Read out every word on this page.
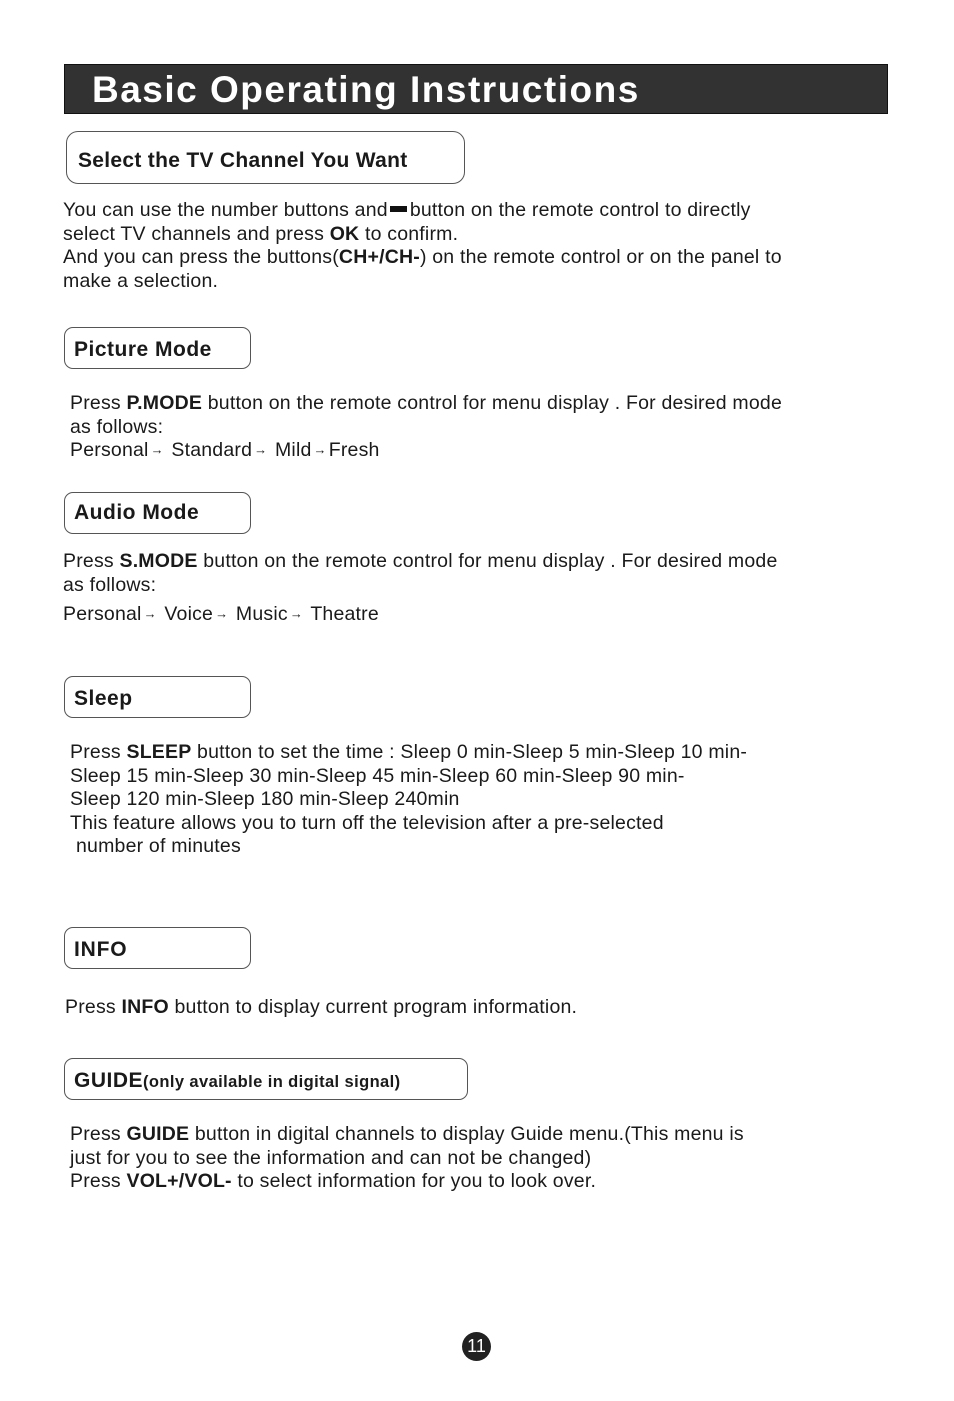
Basic Operating Instructions
Select the TV Channel You Want
You can use the number buttons and button on the remote control to directly
select TV channels and press OK to confirm.
And you can press the buttons(CH+/CH-) on the remote control or on the panel to
make a selection.
Picture Mode
Press P.MODE button on the remote control for menu display . For desired mode
as follows:
Personal → Standard → Mild → Fresh
Audio Mode
Press S.MODE button on the remote control for menu display . For desired mode
as follows:
Personal → Voice → Music → Theatre
Sleep
Press SLEEP button to set the time : Sleep 0 min-Sleep 5 min-Sleep 10 min-
Sleep 15 min-Sleep 30 min-Sleep 45 min-Sleep 60 min-Sleep 90 min-
Sleep 120 min-Sleep 180 min-Sleep 240min
This feature allows you to turn off the television after a pre-selected
number of minutes
INFO
Press INFO button to display current program information.
GUIDE(only available in digital signal)
Press GUIDE button in digital channels to display Guide menu.(This menu is
just for you to see the information and can not be changed)
Press VOL+/VOL- to select information for you to look over.
11
